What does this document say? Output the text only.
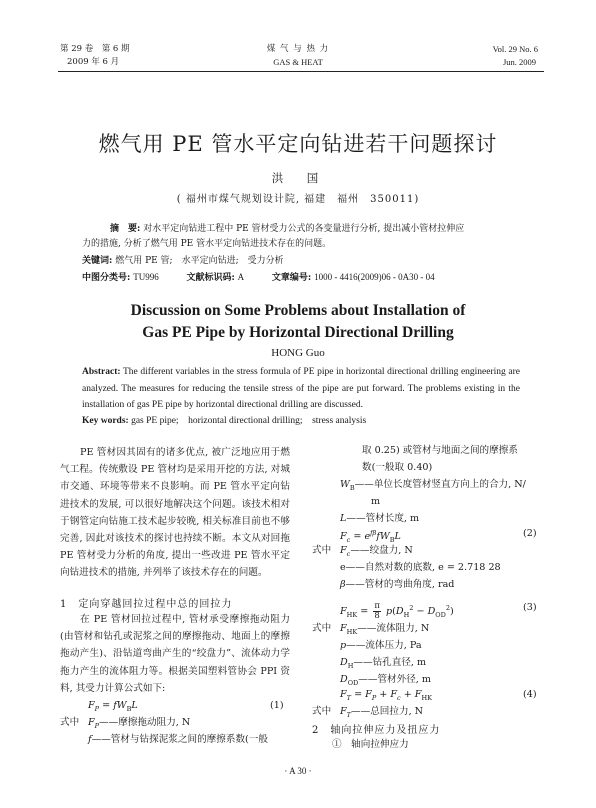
第 29 卷　第 6 期
2009 年 6 月
煤 气 与 热 力
GAS & HEAT
Vol. 29 No. 6
Jun. 2009
燃气用 PE 管水平定向钻进若干问题探讨
洪　国
( 福州市煤气规划设计院, 福建　福州　350011)
摘　要: 对水平定向钻进工程中 PE 管材受力公式的各变量进行分析, 提出减小管材拉伸应
力的措施, 分析了燃气用 PE 管水平定向钻进技术存在的问题。
关键词: 燃气用 PE 管;　水平定向钻进;　受力分析
中图分类号: TU996	文献标识码: A	文章编号: 1000 - 4416(2009)06 - 0A30 - 04
Discussion on Some Problems about Installation of
Gas PE Pipe by Horizontal Directional Drilling
HONG Guo
Abstract: The different variables in the stress formula of PE pipe in horizontal directional drilling engineering are analyzed. The measures for reducing the tensile stress of the pipe are put forward. The problems existing in the installation of gas PE pipe by horizontal directional drilling are discussed.
Key words: gas PE pipe;　horizontal directional drilling;　stress analysis
PE 管材因其固有的诸多优点, 被广泛地应用于燃气工程。传统敷设 PE 管材均是采用开挖的方法, 对城市交通、环境等带来不良影响。而 PE 管水平定向钻进技术的发展, 可以很好地解决这个问题。该技术相对于钢管定向钻施工技术起步较晚, 相关标准目前也不够完善, 因此对该技术的探讨也持续不断。本文从对回拖 PE 管材受力分析的角度, 提出一些改进 PE 管水平定向钻进技术的措施, 并列举了该技术存在的问题。
1　定向穿越回拉过程中总的回拉力
在 PE 管材回拉过程中, 管材承受摩擦拖动阻力(由管材和钻孔或泥浆之间的摩擦拖动、地面上的摩擦拖动产生)、沿钻道弯曲产生的“绞盘力”、流体动力学拖力产生的流体阻力等。根据美国塑料管协会 PPI 资料, 其受力计算公式如下:
$F_P = fW_BL$	(1)
式中 $F_P——$摩擦拖动阻力, N
f——管材与钻探泥浆之间的摩擦系数(一般
取 0.25) 或管材与地面之间的摩擦系
数(一般取 0.40)
$W_B——$单位长度管材竖直方向上的合力, N/
m
L——管材长度, m
$F_c = e^{f\beta}fW_BL$	(2)
式中 $F_c——$绞盘力, N
e——自然对数的底数, e = 2.718 28
β——管材的弯曲角度, rad
$F_{HK} = \frac{\pi}{8} p(D_H^2 - D_{OD}^2)$	(3)
式中 $F_{HK}——$流体阻力, N
p——流体压力, Pa
$D_H——$钻孔直径, m
$D_{OD}——$管材外径, m
$F_T = F_P + F_c + F_{HK}$	(4)
式中 $F_T——$总回拉力, N
2　轴向拉伸应力及扭应力
①　轴向拉伸应力
· A 30 ·
